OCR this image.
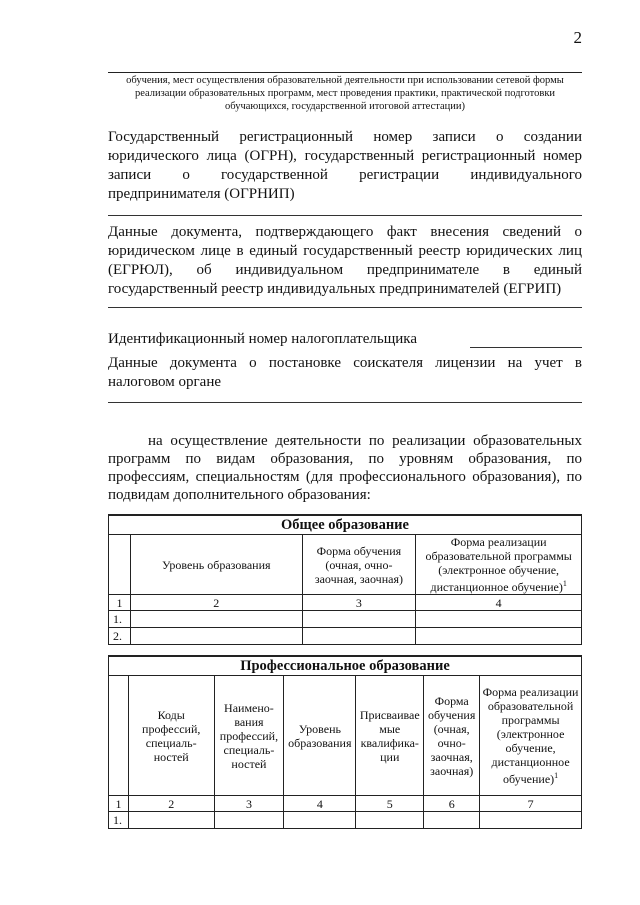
2
обучения, мест осуществления образовательной деятельности при использовании сетевой формы реализации образовательных программ, мест проведения практики, практической подготовки обучающихся, государственной итоговой аттестации)
Государственный регистрационный номер записи о создании юридического лица (ОГРН), государственный регистрационный номер записи о государственной регистрации индивидуального предпринимателя (ОГРНИП)
Данные документа, подтверждающего факт внесения сведений о юридическом лице в единый государственный реестр юридических лиц (ЕГРЮЛ), об индивидуальном предпринимателе в единый государственный реестр индивидуальных предпринимателей (ЕГРИП)
Идентификационный номер налогоплательщика
Данные документа о постановке соискателя лицензии на учет в налоговом органе
на осуществление деятельности по реализации образовательных программ по видам образования, по уровням образования, по профессиям, специальностям (для профессионального образования), по подвидам дополнительного образования:
Общее образование			
	Уровень образования	Форма обучения (очная, очно-заочная, заочная)	Форма реализации образовательной программы (электронное обучение, дистанционное обучение)$^1$
1	2	3	4
1.			
2.			
Профессиональное образование						
	Коды профессий, специаль-ностей	Наимено-вания профессий, специаль-ностей	Уровень образования	Присваивае мые квалифика-ции	Форма обучения (очная, очно-заочная, заочная)	Форма реализации образовательной программы (электронное обучение, дистанционное обучение)$^1$
1	2	3	4	5	6	7
1.						
